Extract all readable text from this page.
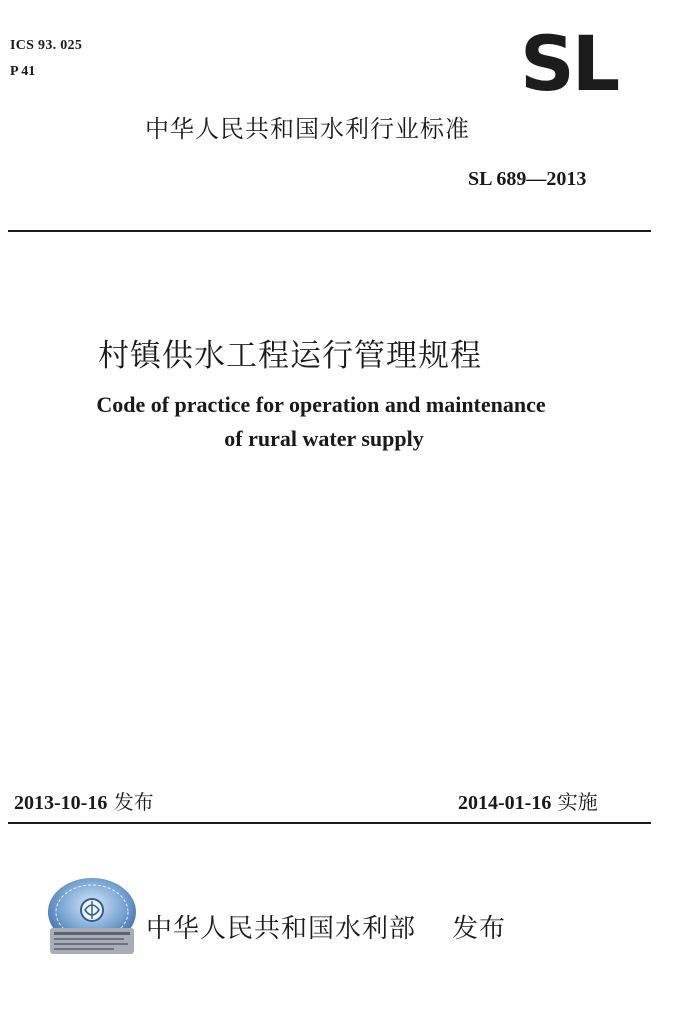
ICS 93. 025
P 41	SL
中华人民共和国水利行业标准
SL 689—2013
村镇供水工程运行管理规程
Code of practice for operation and maintenance
of rural water supply
2013-10-16 发布	2014-01-16 实施
中华人民共和国水利部 发布
